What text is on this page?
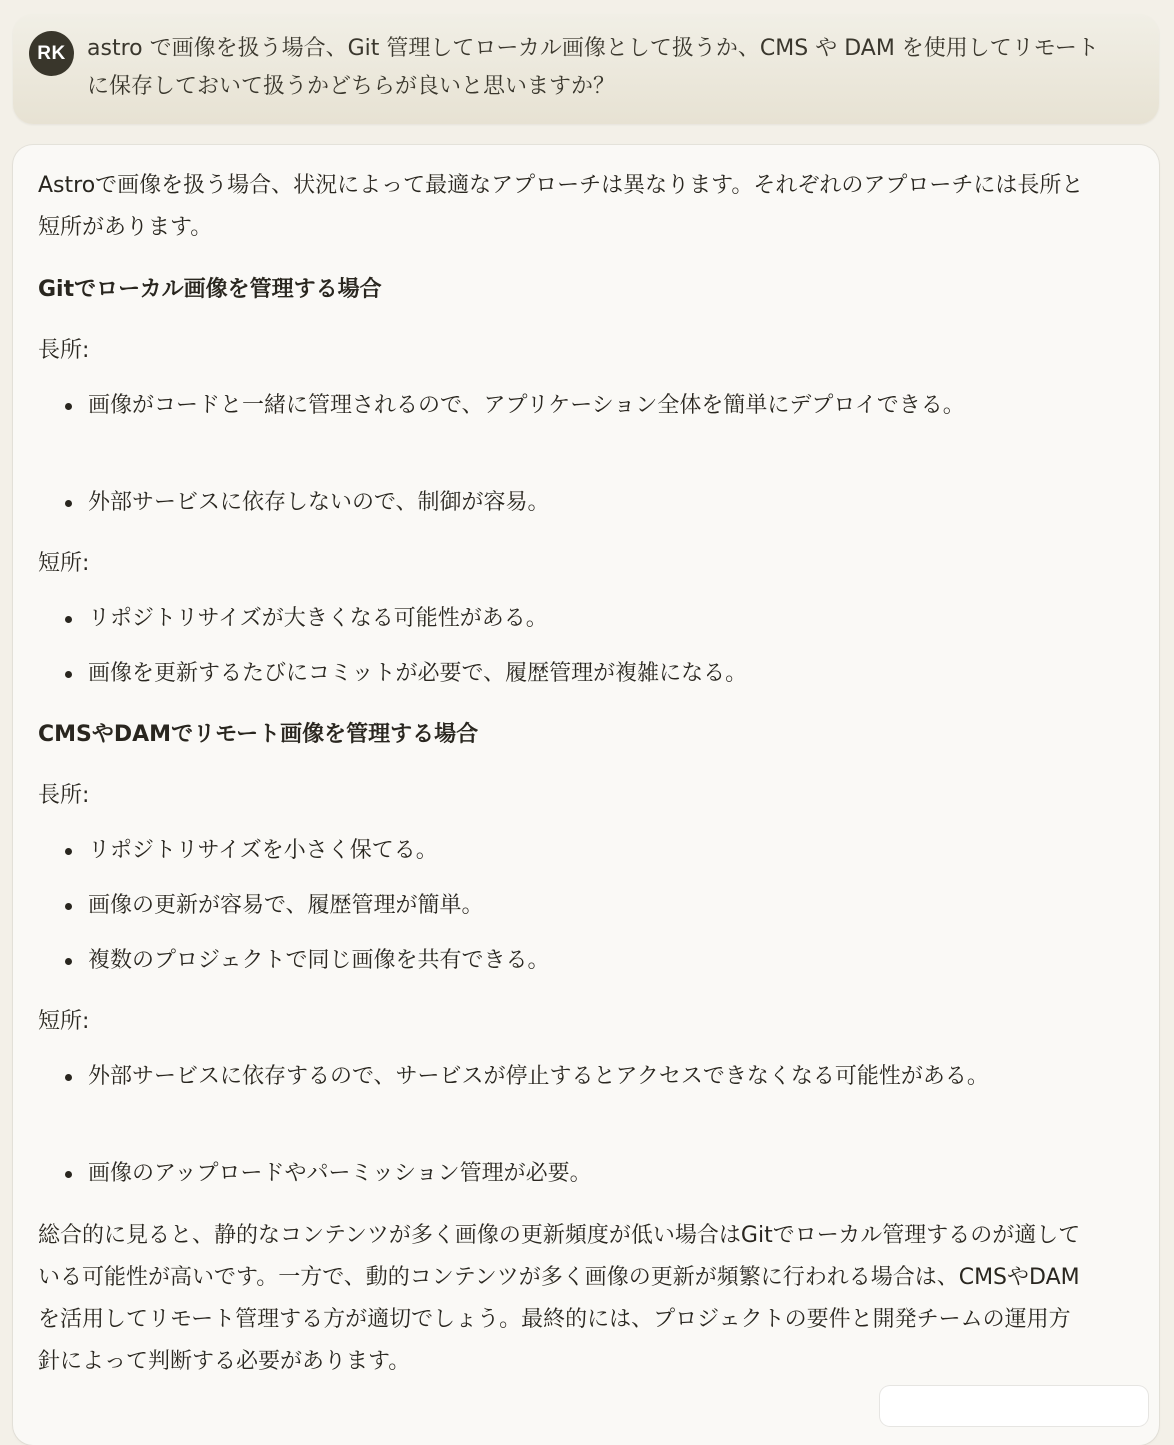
RK astro で画像を扱う場合、Git 管理してローカル画像として扱うか、CMS や DAM を使用してリモートに保存しておいて扱うかどちらが良いと思いますか？

Astroで画像を扱う場合、状況によって最適なアプローチは異なります。それぞれのアプローチには長所と短所があります。

Gitでローカル画像を管理する場合

長所:

画像がコードと一緒に管理されるので、アプリケーション全体を簡単にデプロイできる。
外部サービスに依存しないので、制御が容易。

短所:

リポジトリサイズが大きくなる可能性がある。
画像を更新するたびにコミットが必要で、履歴管理が複雑になる。
CMSやDAMでリモート画像を管理する場合

長所:

リポジトリサイズを小さく保てる。
画像の更新が容易で、履歴管理が簡単。
複数のプロジェクトで同じ画像を共有できる。

短所:

外部サービスに依存するので、サービスが停止するとアクセスできなくなる可能性がある。
画像のアップロードやパーミッション管理が必要。

総合的に見ると、静的なコンテンツが多く画像の更新頻度が低い場合はGitでローカル管理するのが適している可能性が高いです。一方で、動的コンテンツが多く画像の更新が頻繁に行われる場合は、CMSやDAMを活用してリモート管理する方が適切でしょう。最終的には、プロジェクトの要件と開発チームの運用方針によって判断する必要があります。
